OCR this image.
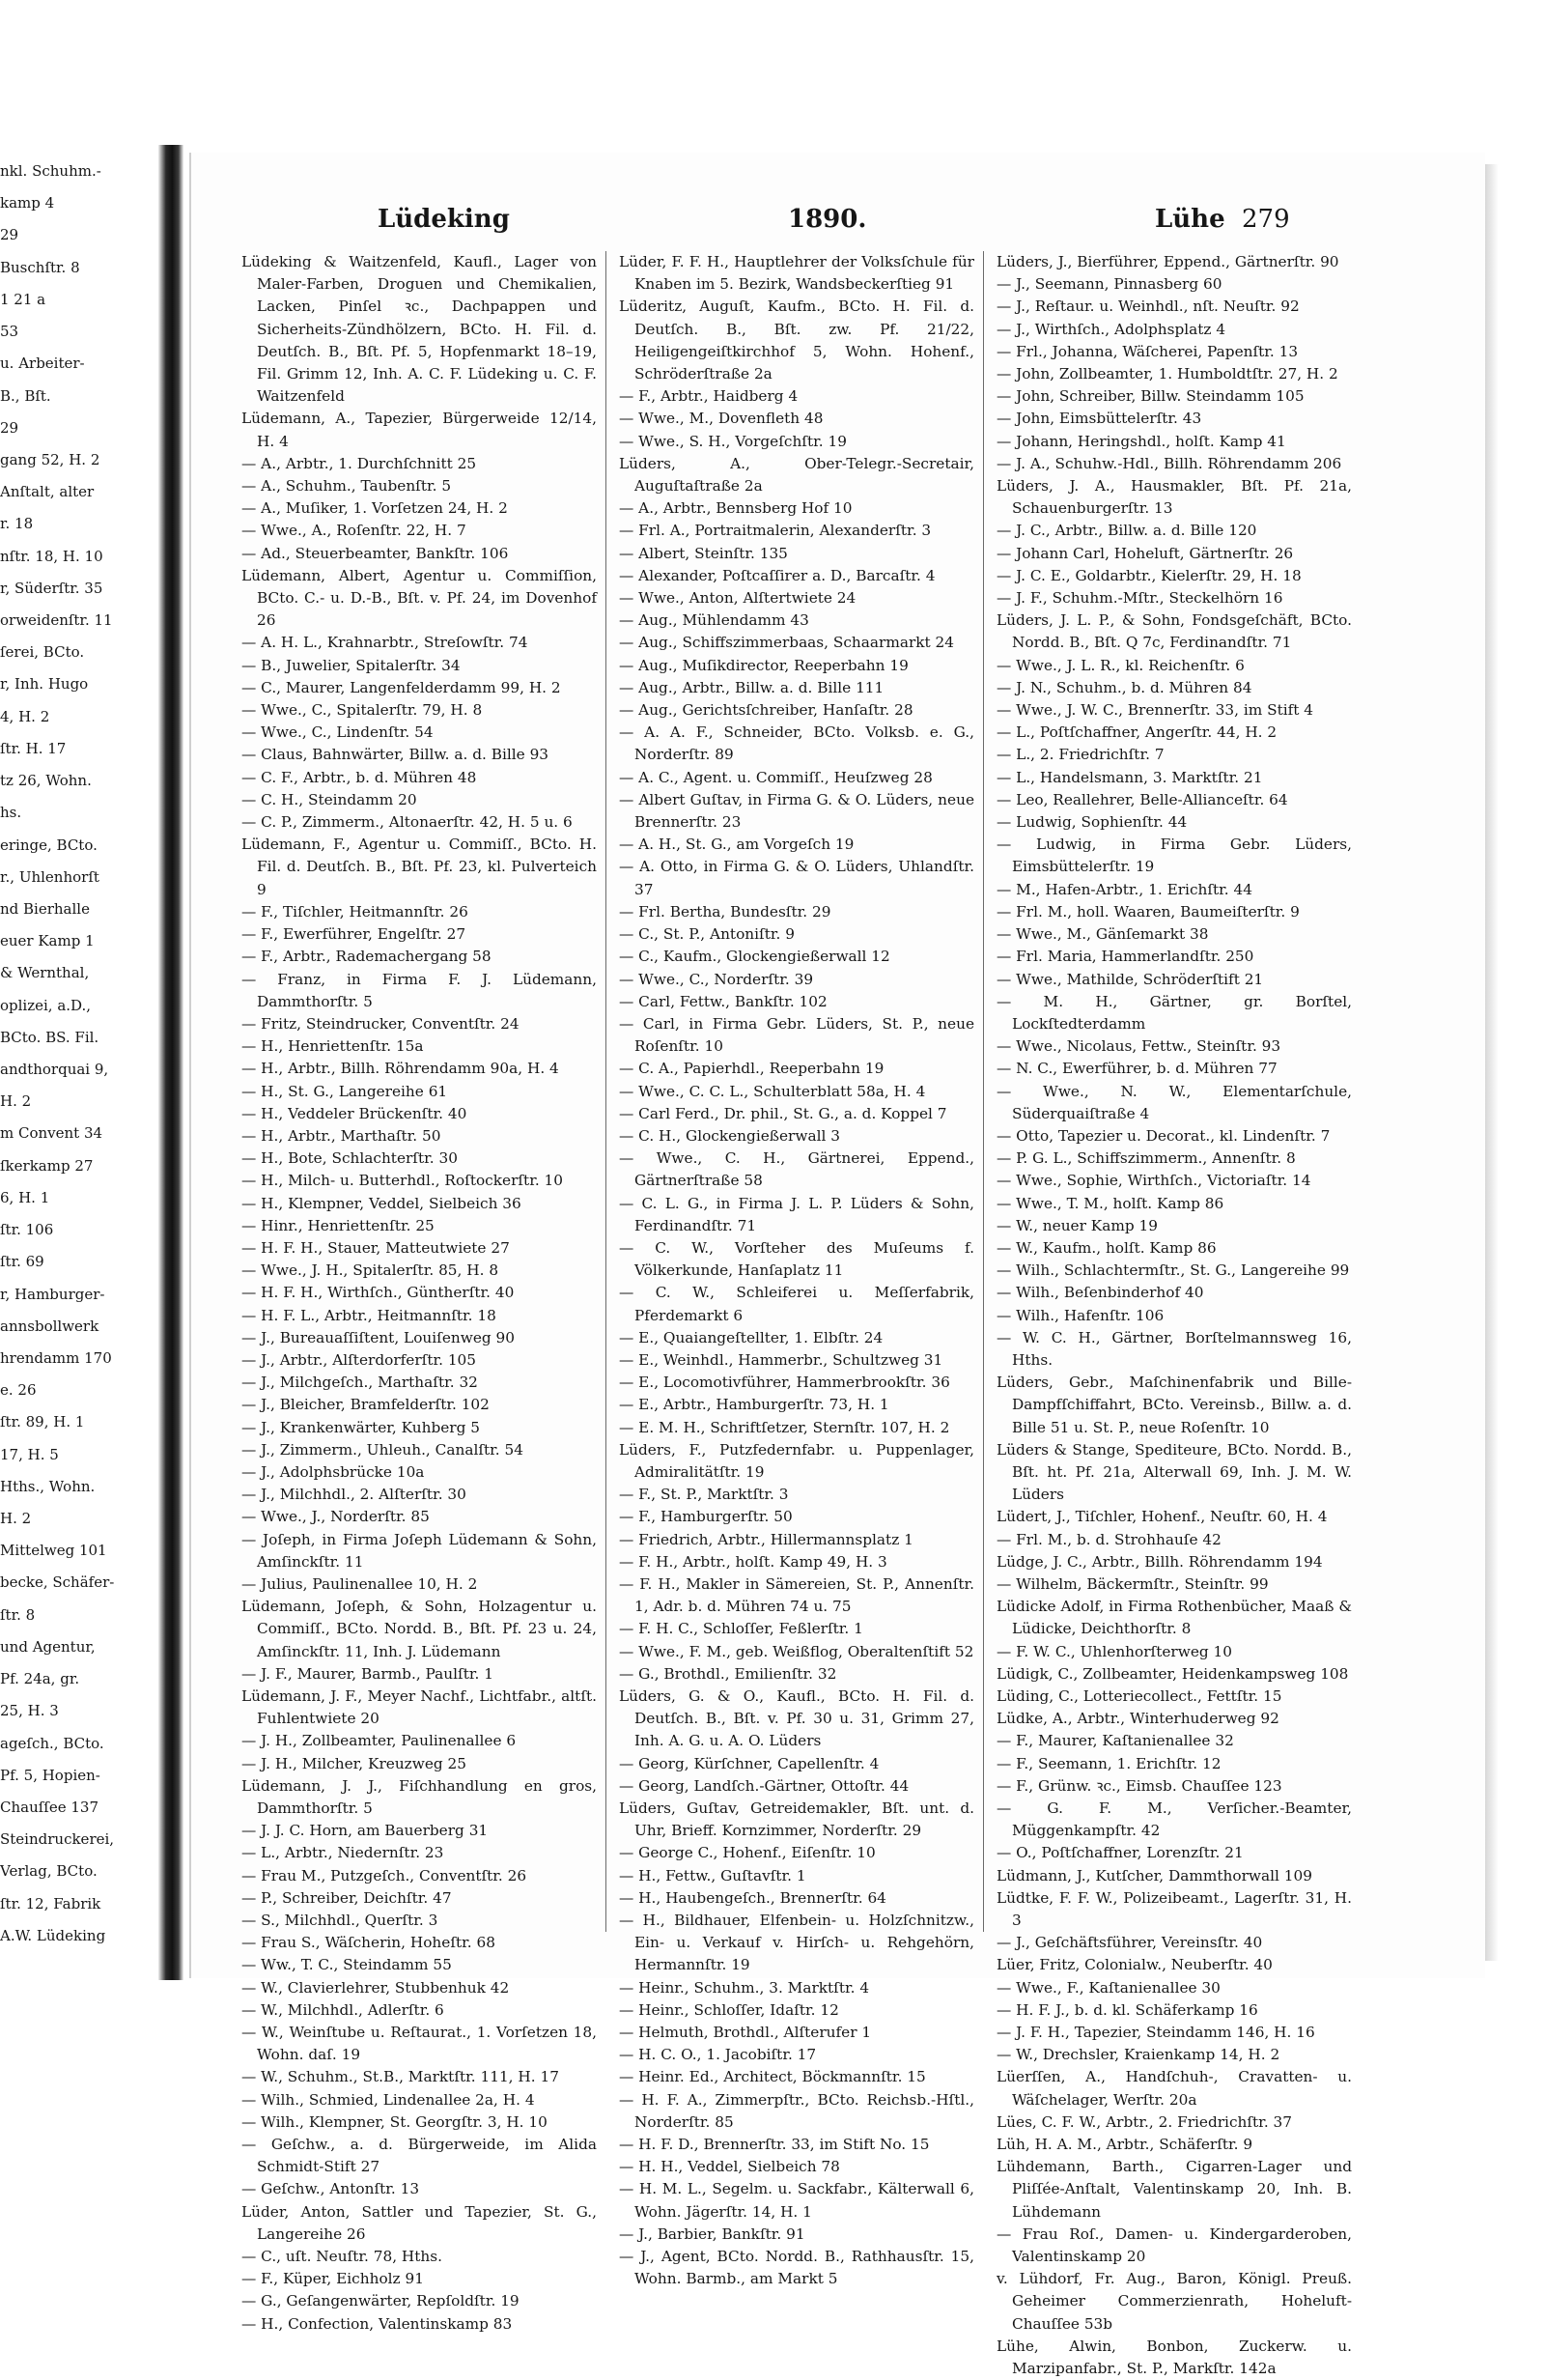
nkl. Schuhm.-
kamp 4
29
Buschſtr. 8
1 21 a
53
u. Arbeiter-
B., Bſt.
29
gang 52, H. 2
Anſtalt, alter
r. 18
nſtr. 18, H. 10
r, Süderſtr. 35
orweidenſtr. 11
ſerei, BCto.
r, Inh. Hugo
4, H. 2
ſtr. H. 17
tz 26, Wohn.
hs.
eringe, BCto.
r., Uhlenhorſt
nd Bierhalle
euer Kamp 1
& Wernthal,
oplizei, a.D.,
BCto. BS. Fil.
andthorquai 9,
H. 2
m Convent 34
ſkerkamp 27
6, H. 1
ſtr. 106
ſtr. 69
r, Hamburger-
annsbollwerk
hrendamm 170
e. 26
ſtr. 89, H. 1
17, H. 5
Hths., Wohn.
H. 2
Mittelweg 101
becke, Schäfer-
ſtr. 8
und Agentur,
Pf. 24a, gr.
25, H. 3
ageſch., BCto.
Pf. 5, Hopien-
Chauſſee 137
Steindruckerei,
Verlag, BCto.
ſtr. 12, Fabrik
A.W. Lüdeking
Lüdeking	1890.	Lühe 279

Lüdeking & Waitzenfeld, Kaufl., Lager von Maler-Farben, Droguen und Chemikalien, Lacken, Pinſel ꝛc., Dachpappen und Sicherheits-Zündhölzern, BCto. H. Fil. d. Deutſch. B., Bſt. Pf. 5, Hopfenmarkt 18–19, Fil. Grimm 12, Inh. A. C. F. Lüdeking u. C. F. Waitzenfeld

Lüdemann, A., Tapezier, Bürgerweide 12/14, H. 4

— A., Arbtr., 1. Durchſchnitt 25

— A., Schuhm., Taubenſtr. 5

— A., Muſiker, 1. Vorſetzen 24, H. 2

— Wwe., A., Roſenſtr. 22, H. 7

— Ad., Steuerbeamter, Bankſtr. 106

Lüdemann, Albert, Agentur u. Commiſſion, BCto. C.- u. D.-B., Bſt. v. Pf. 24, im Dovenhof 26

— A. H. L., Krahnarbtr., Streſowſtr. 74

— B., Juwelier, Spitalerſtr. 34

— C., Maurer, Langenfelderdamm 99, H. 2

— Wwe., C., Spitalerſtr. 79, H. 8

— Wwe., C., Lindenſtr. 54

— Claus, Bahnwärter, Billw. a. d. Bille 93

— C. F., Arbtr., b. d. Mühren 48

— C. H., Steindamm 20

— C. P., Zimmerm., Altonaerſtr. 42, H. 5 u. 6

Lüdemann, F., Agentur u. Commiſſ., BCto. H. Fil. d. Deutſch. B., Bſt. Pf. 23, kl. Pulverteich 9

— F., Tiſchler, Heitmannſtr. 26

— F., Ewerführer, Engelſtr. 27

— F., Arbtr., Rademachergang 58

— Franz, in Firma F. J. Lüdemann, Dammthorſtr. 5

— Fritz, Steindrucker, Conventſtr. 24

— H., Henriettenſtr. 15a

— H., Arbtr., Billh. Röhrendamm 90a, H. 4

— H., St. G., Langereihe 61

— H., Veddeler Brückenſtr. 40

— H., Arbtr., Marthaſtr. 50

— H., Bote, Schlachterſtr. 30

— H., Milch- u. Butterhdl., Roſtockerſtr. 10

— H., Klempner, Veddel, Sielbeich 36

— Hinr., Henriettenſtr. 25

— H. F. H., Stauer, Matteutwiete 27

— Wwe., J. H., Spitalerſtr. 85, H. 8

— H. F. H., Wirthſch., Güntherſtr. 40

— H. F. L., Arbtr., Heitmannſtr. 18

— J., Bureauaſſiſtent, Louiſenweg 90

— J., Arbtr., Alſterdorferſtr. 105

— J., Milchgeſch., Marthaſtr. 32

— J., Bleicher, Bramfelderſtr. 102

— J., Krankenwärter, Kuhberg 5

— J., Zimmerm., Uhleuh., Canalſtr. 54

— J., Adolphsbrücke 10a

— J., Milchhdl., 2. Alſterſtr. 30

— Wwe., J., Norderſtr. 85

— Joſeph, in Firma Joſeph Lüdemann & Sohn, Amſinckſtr. 11

— Julius, Paulinenallee 10, H. 2

Lüdemann, Joſeph, & Sohn, Holzagentur u. Commiſſ., BCto. Nordd. B., Bſt. Pf. 23 u. 24, Amſinckſtr. 11, Inh. J. Lüdemann

— J. F., Maurer, Barmb., Paulſtr. 1

Lüdemann, J. F., Meyer Nachf., Lichtfabr., altſt. Fuhlentwiete 20

— J. H., Zollbeamter, Paulinenallee 6

— J. H., Milcher, Kreuzweg 25

Lüdemann, J. J., Fiſchhandlung en gros, Dammthorſtr. 5

— J. J. C. Horn, am Bauerberg 31

— L., Arbtr., Niedernſtr. 23

— Frau M., Putzgeſch., Conventſtr. 26

— P., Schreiber, Deichſtr. 47

— S., Milchhdl., Querſtr. 3

— Frau S., Wäſcherin, Hoheſtr. 68

— Ww., T. C., Steindamm 55

— W., Clavierlehrer, Stubbenhuk 42

— W., Milchhdl., Adlerſtr. 6

— W., Weinſtube u. Reſtaurat., 1. Vorſetzen 18, Wohn. daſ. 19

— W., Schuhm., St.B., Marktſtr. 111, H. 17

— Wilh., Schmied, Lindenallee 2a, H. 4

— Wilh., Klempner, St. Georgſtr. 3, H. 10

— Geſchw., a. d. Bürgerweide, im Alida Schmidt-Stift 27

— Geſchw., Antonſtr. 13

Lüder, Anton, Sattler und Tapezier, St. G., Langereihe 26

— C., uſt. Neuſtr. 78, Hths.

— F., Küper, Eichholz 91

— G., Geſangenwärter, Repſoldſtr. 19

— H., Confection, Valentinskamp 83

Lüder, F. F. H., Hauptlehrer der Volksſchule für Knaben im 5. Bezirk, Wandsbeckerſtieg 91

Lüderitz, Auguſt, Kaufm., BCto. H. Fil. d. Deutſch. B., Bſt. zw. Pf. 21/22, Heiligengeiſtkirchhof 5, Wohn. Hohenf., Schröderſtraße 2a

— F., Arbtr., Haidberg 4

— Wwe., M., Dovenfleth 48

— Wwe., S. H., Vorgeſchſtr. 19

Lüders, A., Ober-Telegr.-Secretair, Auguſtaſtraße 2a

— A., Arbtr., Bennsberg Hof 10

— Frl. A., Portraitmalerin, Alexanderſtr. 3

— Albert, Steinſtr. 135

— Alexander, Poſtcaſſirer a. D., Barcaſtr. 4

— Wwe., Anton, Alſtertwiete 24

— Aug., Mühlendamm 43

— Aug., Schiffszimmerbaas, Schaarmarkt 24

— Aug., Muſikdirector, Reeperbahn 19

— Aug., Arbtr., Billw. a. d. Bille 111

— Aug., Gerichtsſchreiber, Hanſaſtr. 28

— A. A. F., Schneider, BCto. Volksb. e. G., Norderſtr. 89

— A. C., Agent. u. Commiſſ., Heuſzweg 28

— Albert Guſtav, in Firma G. & O. Lüders, neue Brennerſtr. 23

— A. H., St. G., am Vorgeſch 19

— A. Otto, in Firma G. & O. Lüders, Uhlandſtr. 37

— Frl. Bertha, Bundesſtr. 29

— C., St. P., Antoniſtr. 9

— C., Kaufm., Glockengießerwall 12

— Wwe., C., Norderſtr. 39

— Carl, Fettw., Bankſtr. 102

— Carl, in Firma Gebr. Lüders, St. P., neue Roſenſtr. 10

— C. A., Papierhdl., Reeperbahn 19

— Wwe., C. C. L., Schulterblatt 58a, H. 4

— Carl Ferd., Dr. phil., St. G., a. d. Koppel 7

— C. H., Glockengießerwall 3

— Wwe., C. H., Gärtnerei, Eppend., Gärtnerſtraße 58

— C. L. G., in Firma J. L. P. Lüders & Sohn, Ferdinandſtr. 71

— C. W., Vorſteher des Muſeums f. Völkerkunde, Hanſaplatz 11

— C. W., Schleiferei u. Meſſerfabrik, Pferdemarkt 6

— E., Quaiangeſtellter, 1. Elbſtr. 24

— E., Weinhdl., Hammerbr., Schultzweg 31

— E., Locomotivführer, Hammerbrookſtr. 36

— E., Arbtr., Hamburgerſtr. 73, H. 1

— E. M. H., Schriftſetzer, Sternſtr. 107, H. 2

Lüders, F., Putzfedernfabr. u. Puppenlager, Admiralitätſtr. 19

— F., St. P., Marktſtr. 3

— F., Hamburgerſtr. 50

— Friedrich, Arbtr., Hillermannsplatz 1

— F. H., Arbtr., holſt. Kamp 49, H. 3

— F. H., Makler in Sämereien, St. P., Annenſtr. 1, Adr. b. d. Mühren 74 u. 75

— F. H. C., Schloſſer, Feßlerſtr. 1

— Wwe., F. M., geb. Weißflog, Oberaltenſtift 52

— G., Brothdl., Emilienſtr. 32

Lüders, G. & O., Kaufl., BCto. H. Fil. d. Deutſch. B., Bſt. v. Pf. 30 u. 31, Grimm 27, Inh. A. G. u. A. O. Lüders

— Georg, Kürſchner, Capellenſtr. 4

— Georg, Landſch.-Gärtner, Ottoſtr. 44

Lüders, Guſtav, Getreidemakler, Bſt. unt. d. Uhr, Brieff. Kornzimmer, Norderſtr. 29

— George C., Hohenf., Eiſenſtr. 10

— H., Fettw., Guſtavſtr. 1

— H., Haubengeſch., Brennerſtr. 64

— H., Bildhauer, Elfenbein- u. Holzſchnitzw., Ein- u. Verkauf v. Hirſch- u. Rehgehörn, Hermannſtr. 19

— Heinr., Schuhm., 3. Marktſtr. 4

— Heinr., Schloſſer, Idaſtr. 12

— Helmuth, Brothdl., Alſterufer 1

— H. C. O., 1. Jacobiſtr. 17

— Heinr. Ed., Architect, Böckmannſtr. 15

— H. F. A., Zimmerpſtr., BCto. Reichsb.-Hſtl., Norderſtr. 85

— H. F. D., Brennerſtr. 33, im Stift No. 15

— H. H., Veddel, Sielbeich 78

— H. M. L., Segelm. u. Sackfabr., Kälterwall 6, Wohn. Jägerſtr. 14, H. 1

— J., Barbier, Bankſtr. 91

— J., Agent, BCto. Nordd. B., Rathhausſtr. 15, Wohn. Barmb., am Markt 5

Lüders, J., Bierführer, Eppend., Gärtnerſtr. 90

— J., Seemann, Pinnasberg 60

— J., Reſtaur. u. Weinhdl., nſt. Neuſtr. 92

— J., Wirthſch., Adolphsplatz 4

— Frl., Johanna, Wäſcherei, Papenſtr. 13

— John, Zollbeamter, 1. Humboldtſtr. 27, H. 2

— John, Schreiber, Billw. Steindamm 105

— John, Eimsbüttelerſtr. 43

— Johann, Heringshdl., holſt. Kamp 41

— J. A., Schuhw.-Hdl., Billh. Röhrendamm 206

Lüders, J. A., Hausmakler, Bſt. Pf. 21a, Schauenburgerſtr. 13

— J. C., Arbtr., Billw. a. d. Bille 120

— Johann Carl, Hoheluft, Gärtnerſtr. 26

— J. C. E., Goldarbtr., Kielerſtr. 29, H. 18

— J. F., Schuhm.-Mſtr., Steckelhörn 16

Lüders, J. L. P., & Sohn, Fondsgeſchäft, BCto. Nordd. B., Bſt. Q 7c, Ferdinandſtr. 71

— Wwe., J. L. R., kl. Reichenſtr. 6

— J. N., Schuhm., b. d. Mühren 84

— Wwe., J. W. C., Brennerſtr. 33, im Stift 4

— L., Poſtſchaffner, Angerſtr. 44, H. 2

— L., 2. Friedrichſtr. 7

— L., Handelsmann, 3. Marktſtr. 21

— Leo, Reallehrer, Belle-Allianceſtr. 64

— Ludwig, Sophienſtr. 44

— Ludwig, in Firma Gebr. Lüders, Eimsbüttelerſtr. 19

— M., Hafen-Arbtr., 1. Erichſtr. 44

— Frl. M., holl. Waaren, Baumeiſterſtr. 9

— Wwe., M., Gänſemarkt 38

— Frl. Maria, Hammerlandſtr. 250

— Wwe., Mathilde, Schröderſtift 21

— M. H., Gärtner, gr. Borſtel, Lockſtedterdamm

— Wwe., Nicolaus, Fettw., Steinſtr. 93

— N. C., Ewerführer, b. d. Mühren 77

— Wwe., N. W., Elementarſchule, Süderquaiſtraße 4

— Otto, Tapezier u. Decorat., kl. Lindenſtr. 7

— P. G. L., Schiffszimmerm., Annenſtr. 8

— Wwe., Sophie, Wirthſch., Victoriaſtr. 14

— Wwe., T. M., holſt. Kamp 86

— W., neuer Kamp 19

— W., Kaufm., holſt. Kamp 86

— Wilh., Schlachtermſtr., St. G., Langereihe 99

— Wilh., Beſenbinderhof 40

— Wilh., Hafenſtr. 106

— W. C. H., Gärtner, Borſtelmannsweg 16, Hths.

Lüders, Gebr., Maſchinenfabrik und Bille-Dampfſchiffahrt, BCto. Vereinsb., Billw. a. d. Bille 51 u. St. P., neue Roſenſtr. 10

Lüders & Stange, Spediteure, BCto. Nordd. B., Bſt. ht. Pf. 21a, Alterwall 69, Inh. J. M. W. Lüders

Lüdert, J., Tiſchler, Hohenf., Neuſtr. 60, H. 4

— Frl. M., b. d. Strohhauſe 42

Lüdge, J. C., Arbtr., Billh. Röhrendamm 194

— Wilhelm, Bäckermſtr., Steinſtr. 99

Lüdicke Adolf, in Firma Rothenbücher, Maaß & Lüdicke, Deichthorſtr. 8

— F. W. C., Uhlenhorſterweg 10

Lüdigk, C., Zollbeamter, Heidenkampsweg 108

Lüding, C., Lotteriecollect., Fettſtr. 15

Lüdke, A., Arbtr., Winterhuderweg 92

— F., Maurer, Kaſtanienallee 32

— F., Seemann, 1. Erichſtr. 12

— F., Grünw. ꝛc., Eimsb. Chauſſee 123

— G. F. M., Verſicher.-Beamter, Müggenkampſtr. 42

— O., Poſtſchaffner, Lorenzſtr. 21

Lüdmann, J., Kutſcher, Dammthorwall 109

Lüdtke, F. F. W., Polizeibeamt., Lagerſtr. 31, H. 3

— J., Geſchäftsführer, Vereinsſtr. 40

Lüer, Fritz, Colonialw., Neuberſtr. 40

— Wwe., F., Kaſtanienallee 30

— H. F. J., b. d. kl. Schäferkamp 16

— J. F. H., Tapezier, Steindamm 146, H. 16

— W., Drechsler, Kraienkamp 14, H. 2

Lüerſſen, A., Handſchuh-, Cravatten- u. Wäſchelager, Werſtr. 20a

Lües, C. F. W., Arbtr., 2. Friedrichſtr. 37

Lüh, H. A. M., Arbtr., Schäferſtr. 9

Lühdemann, Barth., Cigarren-Lager und Pliſſée-Anſtalt, Valentinskamp 20, Inh. B. Lühdemann

— Frau Roſ., Damen- u. Kindergarderoben, Valentinskamp 20

v. Lühdorf, Fr. Aug., Baron, Königl. Preuß. Geheimer Commerzienrath, Hoheluft-Chauſſee 53b

Lühe, Alwin, Bonbon, Zuckerw. u. Marzipanfabr., St. P., Markſtr. 142a
